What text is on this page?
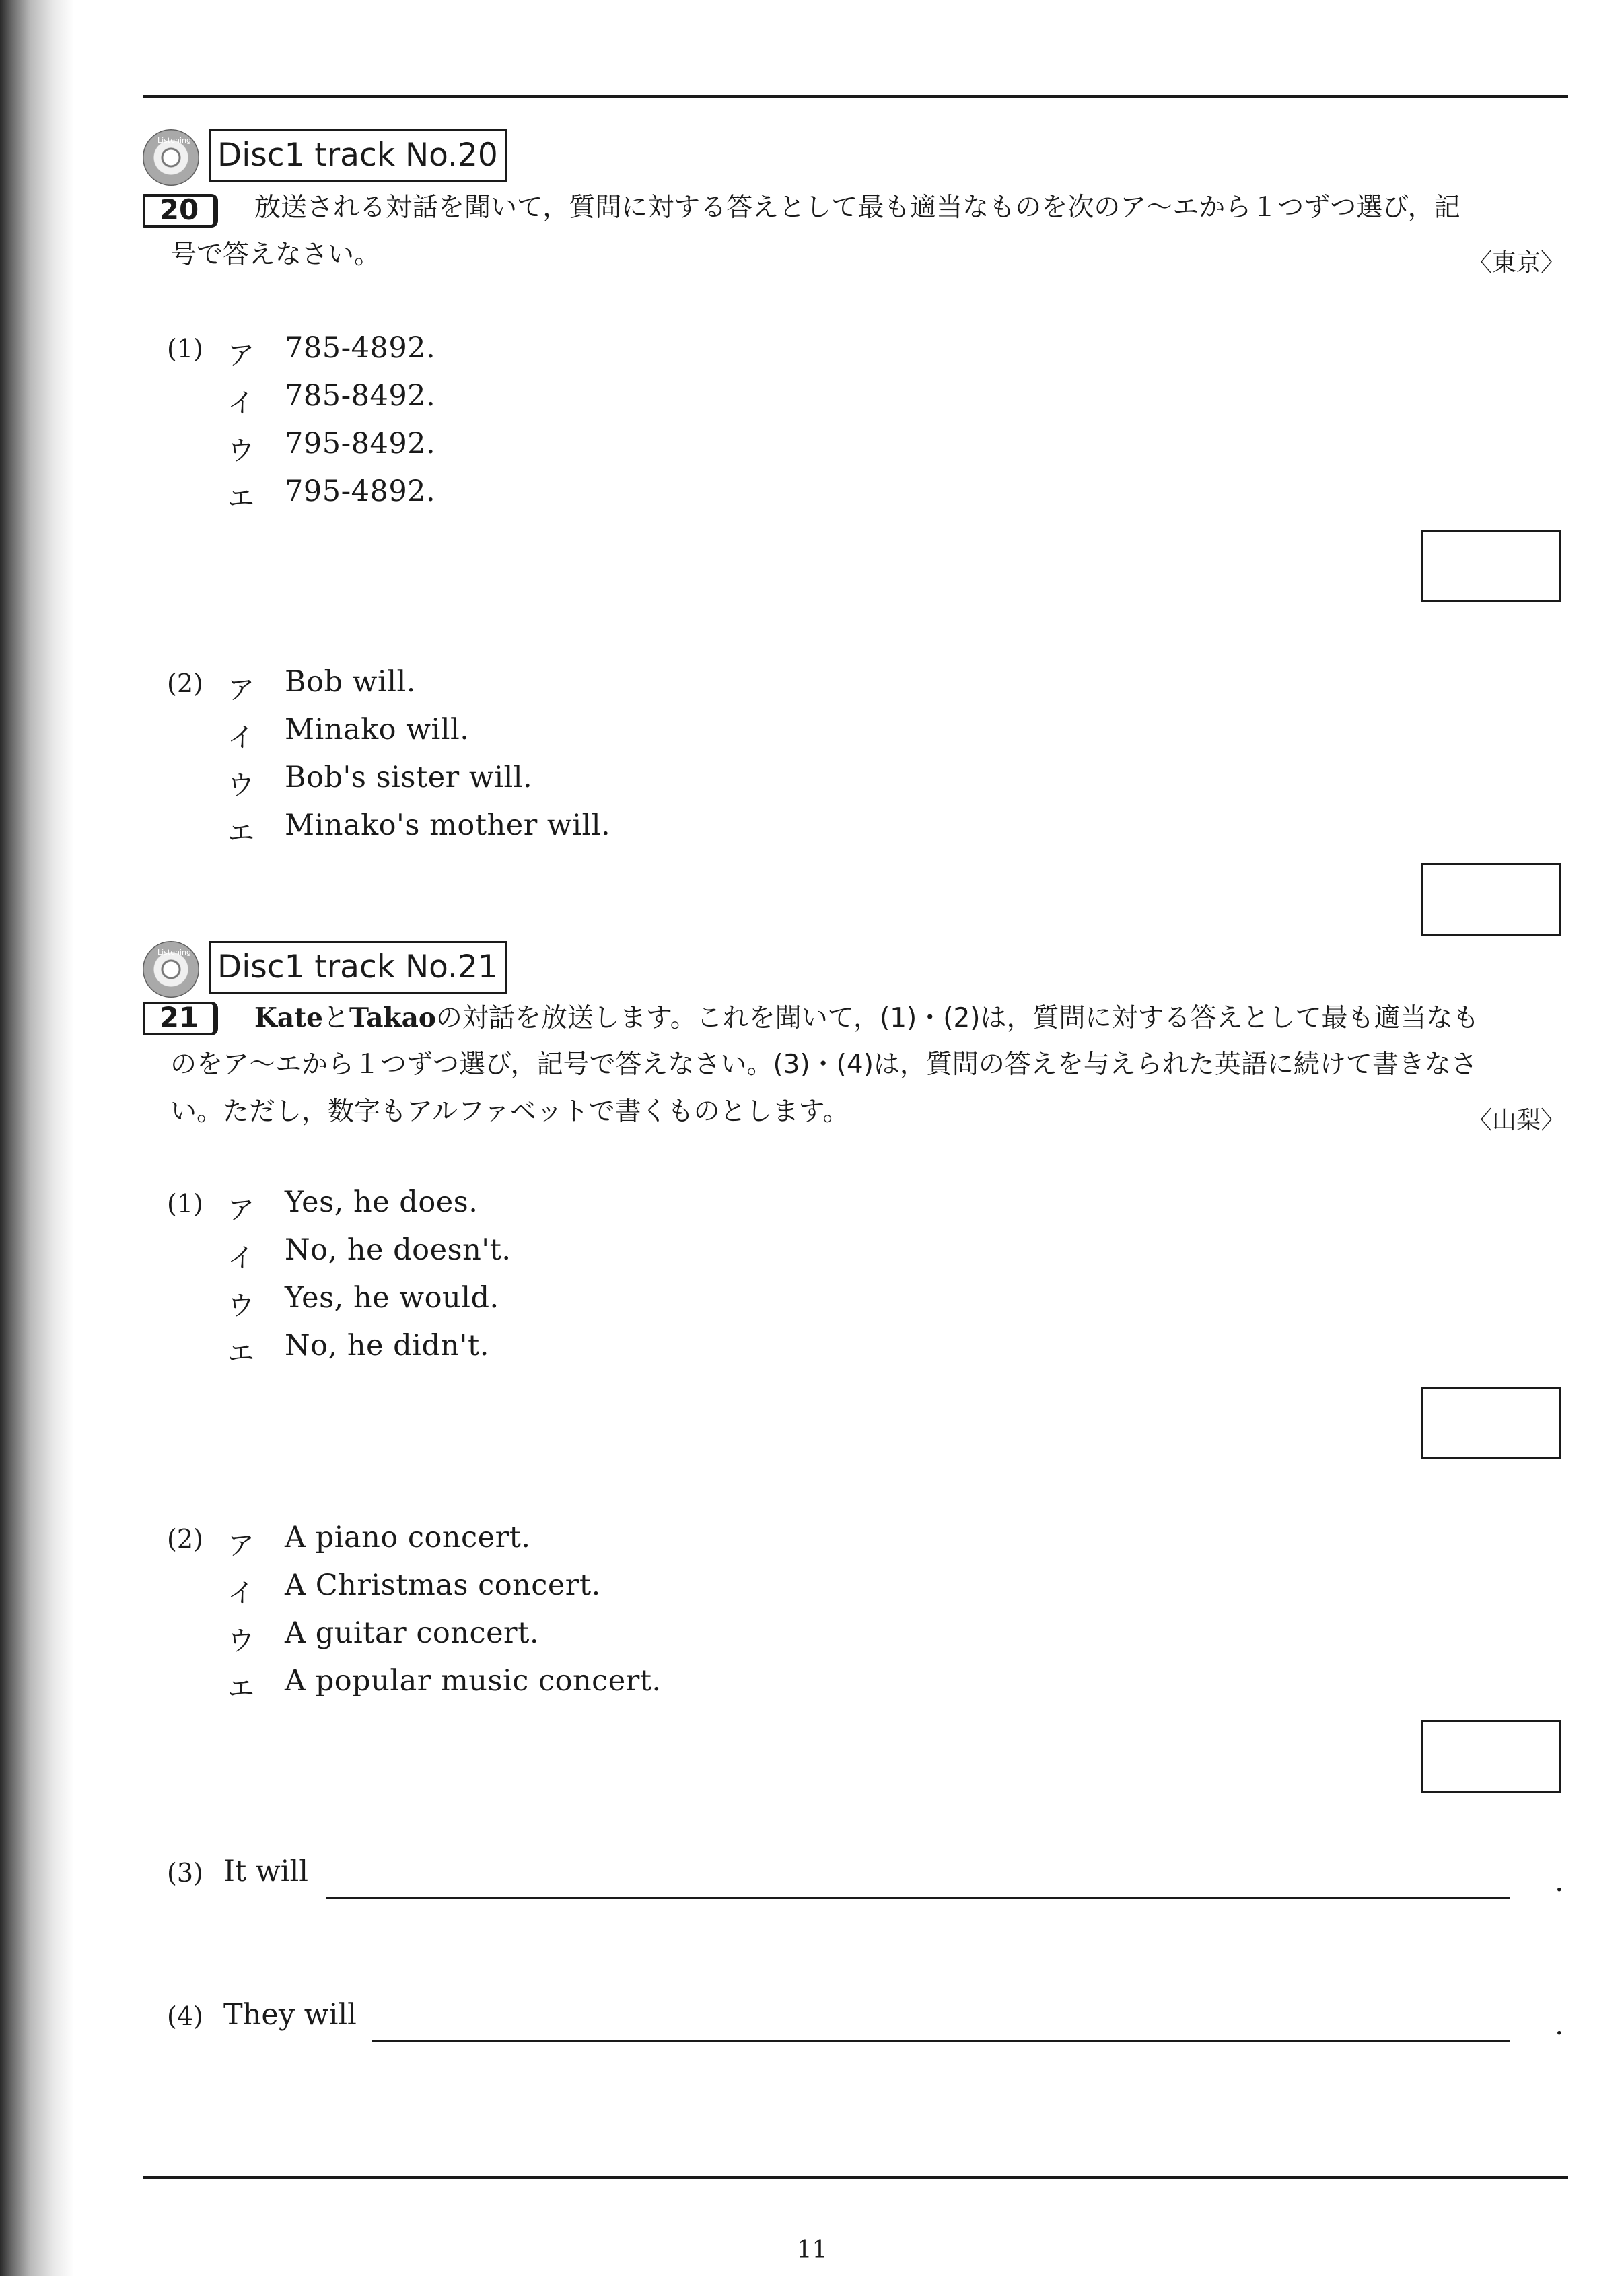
Listening Disc1 track No.20
20	放送される対話を聞いて，質問に対する答えとして最も適当なものを次のア～エから１つずつ選び，記
号で答えなさい。	〈東京〉
(1) ア 785-4892.
イ 785-8492.
ウ 795-8492.
エ 795-4892.
(2) ア Bob will.
イ Minako will.
ウ Bob's sister will.
エ Minako's mother will.
Listening Disc1 track No.21
21	KateとTakaoの対話を放送します。これを聞いて，(1)・(2)は，質問に対する答えとして最も適当なも
のをア～エから１つずつ選び，記号で答えなさい。(3)・(4)は，質問の答えを与えられた英語に続けて書きなさ
い。ただし，数字もアルファベットで書くものとします。	〈山梨〉
(1) ア Yes, he does.
イ No, he doesn't.
ウ Yes, he would.
エ No, he didn't.
(2) ア A piano concert.
イ A Christmas concert.
ウ A guitar concert.
エ A popular music concert.
(3) It will	.
(4) They will	.
11
